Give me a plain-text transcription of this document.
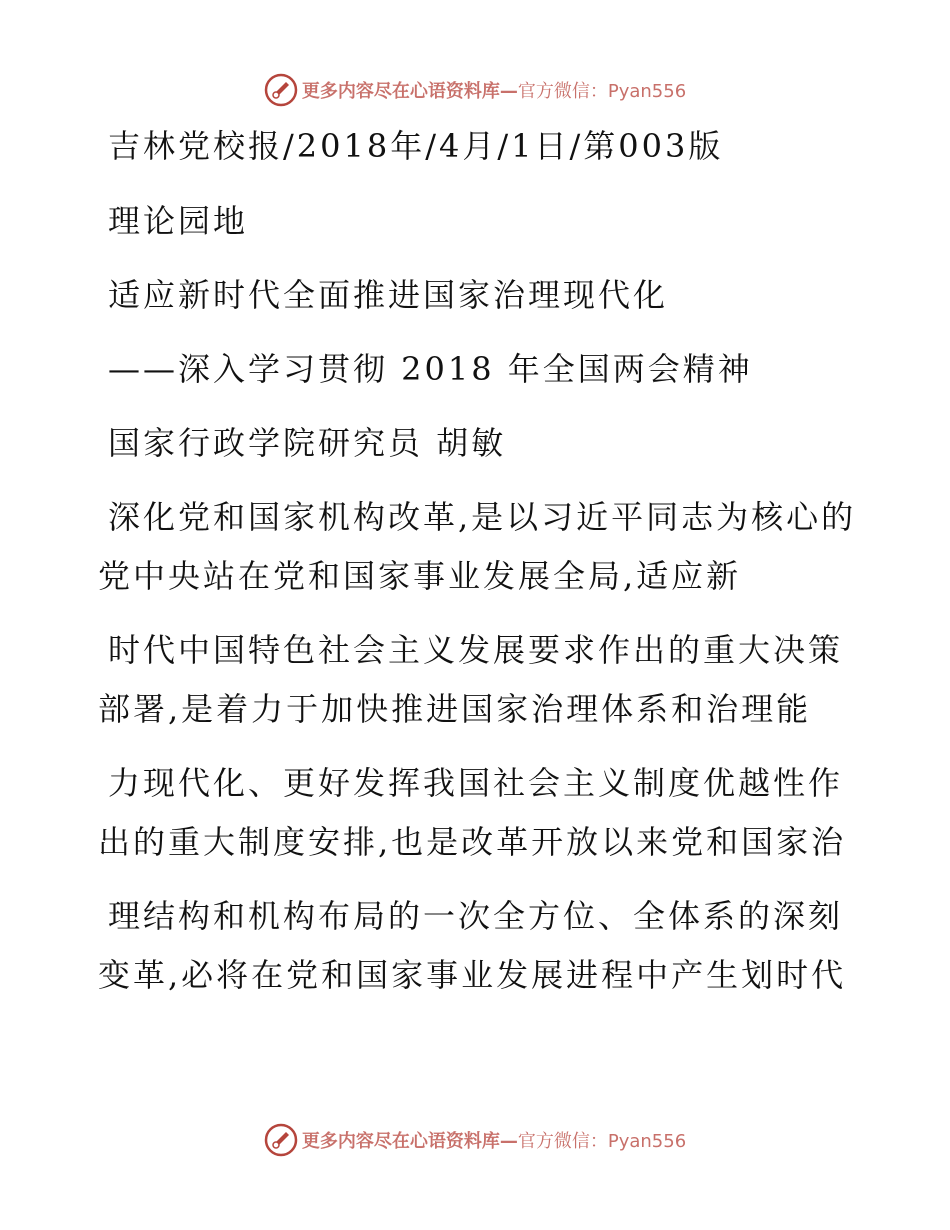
更多内容尽在心语资料库— 官方微信：Pyan556
吉林党校报/2018年/4月/1日/第003版
理论园地
适应新时代全面推进国家治理现代化
——深入学习贯彻 2018 年全国两会精神
国家行政学院研究员 胡敏
深化党和国家机构改革,是以习近平同志为核心的
党中央站在党和国家事业发展全局,适应新
时代中国特色社会主义发展要求作出的重大决策
部署,是着力于加快推进国家治理体系和治理能
力现代化、更好发挥我国社会主义制度优越性作
出的重大制度安排,也是改革开放以来党和国家治
理结构和机构布局的一次全方位、全体系的深刻
变革,必将在党和国家事业发展进程中产生划时代
更多内容尽在心语资料库— 官方微信：Pyan556
